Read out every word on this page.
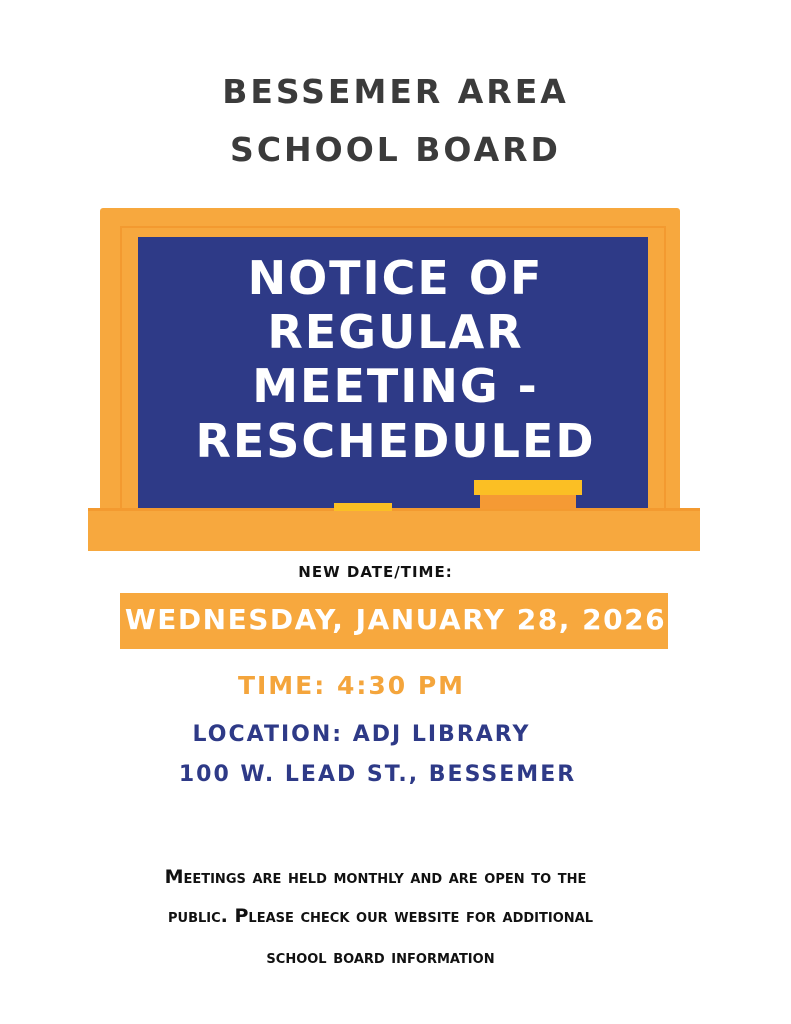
BESSEMER AREA
SCHOOL BOARD
NOTICE OF
REGULAR
MEETING -
RESCHEDULED
NEW DATE/TIME:
WEDNESDAY, JANUARY 28, 2026
TIME: 4:30 PM
LOCATION: ADJ LIBRARY
100 W. LEAD ST., BESSEMER
Meetings are held monthly and are open to the
public. Please check our website for additional
school board information
